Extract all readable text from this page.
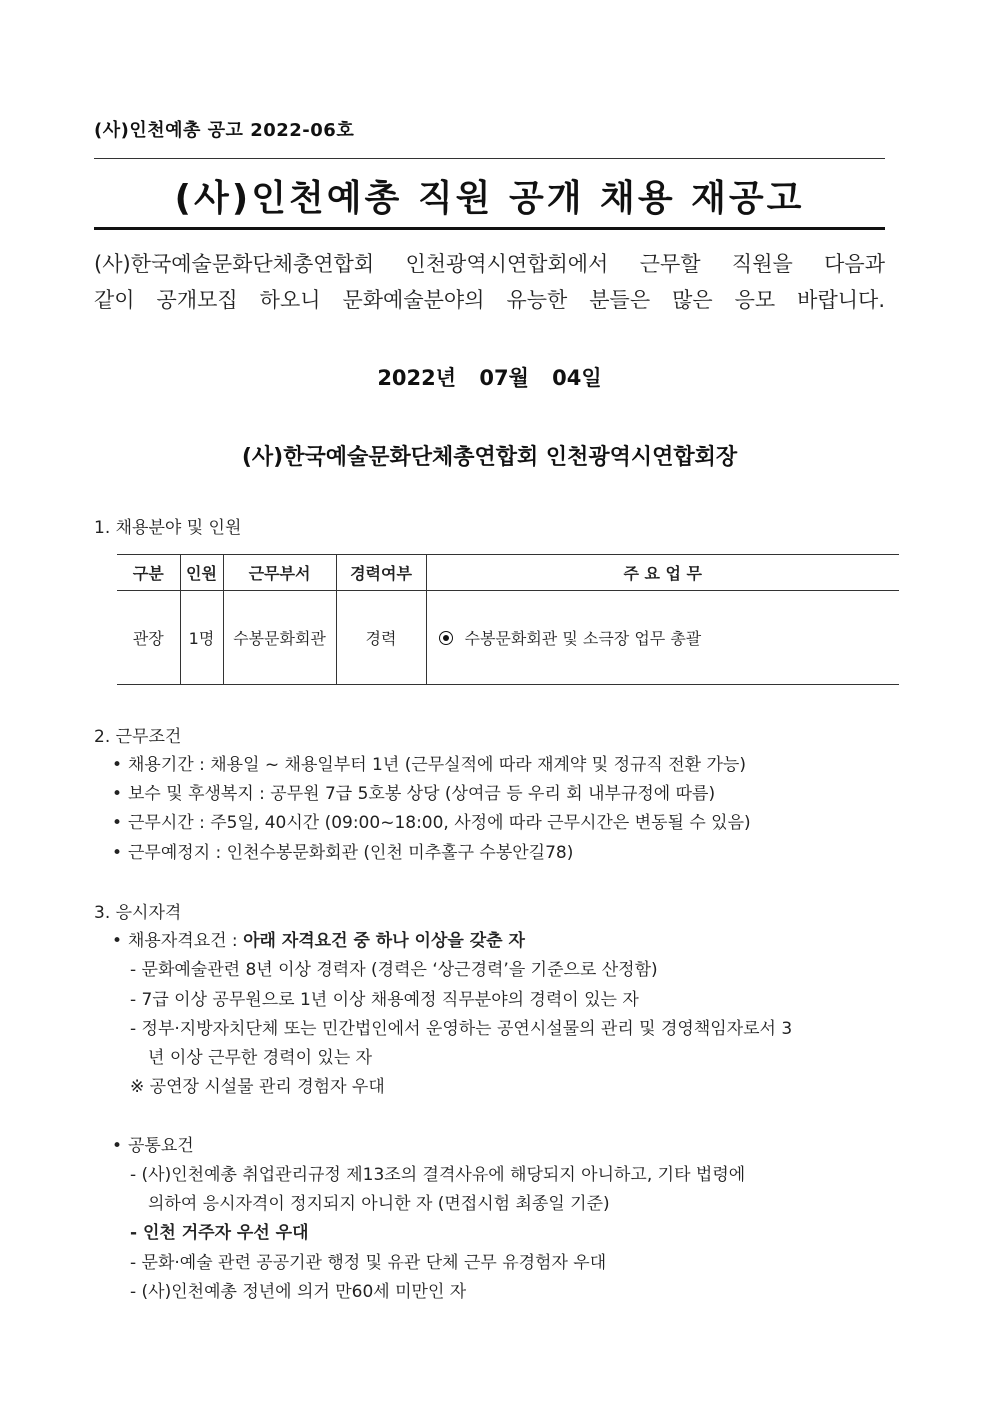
(사)인천예총 공고 2022-06호
(사)인천예총 직원 공개 채용 재공고
(사)한국예술문화단체총연합회 인천광역시연합회에서 근무할 직원을 다음과
같이 공개모집 하오니 문화예술분야의 유능한 분들은 많은 응모 바랍니다.
2022년 07월 04일
(사)한국예술문화단체총연합회 인천광역시연합회장
1. 채용분야 및 인원
구분	인원	근무부서	경력여부	주 요 업 무
관장	1명	수봉문화회관	경력	수봉문화회관 및 소극장 업무 총괄
2. 근무조건
• 채용기간 : 채용일 ~ 채용일부터 1년 (근무실적에 따라 재계약 및 정규직 전환 가능)
• 보수 및 후생복지 : 공무원 7급 5호봉 상당 (상여금 등 우리 회 내부규정에 따름)
• 근무시간 : 주5일, 40시간 (09:00~18:00, 사정에 따라 근무시간은 변동될 수 있음)
• 근무예정지 : 인천수봉문화회관 (인천 미추홀구 수봉안길78)
3. 응시자격
• 채용자격요건 : 아래 자격요건 중 하나 이상을 갖춘 자
- 문화예술관련 8년 이상 경력자 (경력은 ‘상근경력’을 기준으로 산정함)
- 7급 이상 공무원으로 1년 이상 채용예정 직무분야의 경력이 있는 자
- 정부·지방자치단체 또는 민간법인에서 운영하는 공연시설물의 관리 및 경영책임자로서 3
년 이상 근무한 경력이 있는 자
※ 공연장 시설물 관리 경험자 우대
• 공통요건
- (사)인천예총 취업관리규정 제13조의 결격사유에 해당되지 아니하고, 기타 법령에
의하여 응시자격이 정지되지 아니한 자 (면접시험 최종일 기준)
- 인천 거주자 우선 우대
- 문화·예술 관련 공공기관 행정 및 유관 단체 근무 유경험자 우대
- (사)인천예총 정년에 의거 만60세 미만인 자
